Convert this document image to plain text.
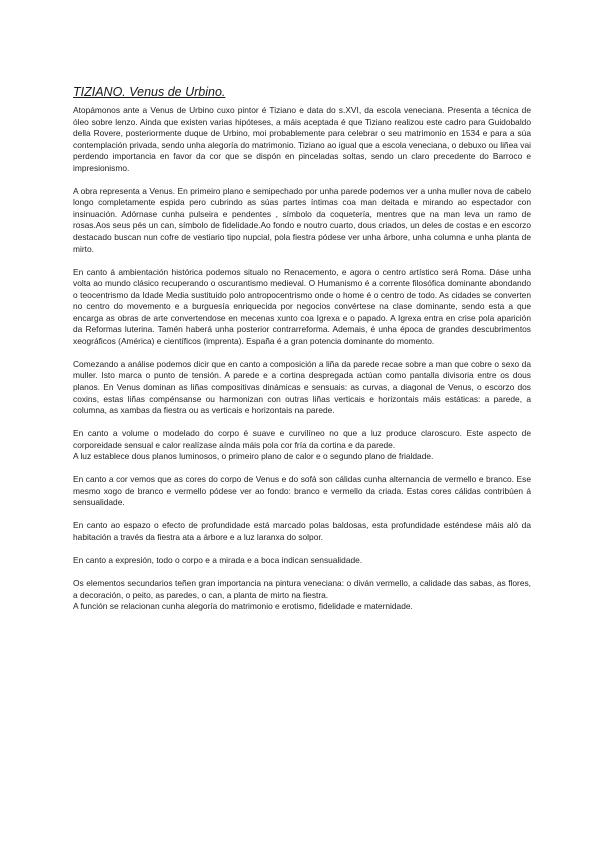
TIZIANO. Venus de Urbino.
Atopámonos ante a Venus de Urbino cuxo pintor é Tiziano e data do s.XVI, da escola veneciana. Presenta a técnica de óleo sobre lenzo. Ainda que existen varias hipóteses, a máis aceptada é que Tiziano realizou este cadro para Guidobaldo della Rovere, posteriormente duque de Urbino, moi probablemente para celebrar o seu matrimonio en 1534 e para a súa contemplación privada, sendo unha alegoría do matrimonio. Tiziano ao igual que a escola veneciana, o debuxo ou liñea vai perdendo importancia en favor da cor que se dispón en pinceladas soltas, sendo un claro precedente do Barroco e impresionismo.
A obra representa a Venus. En primeiro plano e semipechado por unha parede podemos ver a unha muller nova de cabelo longo completamente espida pero cubrindo as súas partes íntimas coa man deitada e mirando ao espectador con insinuación. Adórnase cunha pulseira e pendentes , símbolo da coquetería, mentres que na man leva un ramo de rosas.Aos seus pés un can, símbolo de fidelidade.Ao fondo e noutro cuarto, dous criados, un deles de costas e en escorzo destacado buscan nun cofre de vestiario tipo nupcial, pola fiestra pódese ver unha árbore, unha columna e unha planta de mirto.
En canto á ambientación histórica podemos situalo no Renacemento, e agora o centro artístico será Roma. Dáse unha volta ao mundo clásico recuperando o oscurantismo medieval. O Humanismo é a corrente filosófica dominante abondando o teocentrismo da Idade Media sustituido polo antropocentrismo onde o home é o centro de todo. As cidades se converten no centro do movemento e a burguesía enriquecida por negocios convértese na clase dominante, sendo esta a que encarga as obras de arte convertendose en mecenas xunto coa Igrexa e o papado. A Igrexa entra en crise pola aparición da Reformas luterina. Tamén haberá unha posterior contrarreforma. Ademais, é unha época de grandes descubrimentos xeográficos (América) e científicos (imprenta). España é a gran potencia dominante do momento.
Comezando a análise podemos dicir que en canto a composición a liña da parede recae sobre a man que cobre o sexo da muller. Isto marca o punto de tensión. A parede e a cortina despregada actúan como pantalla divisoria entre os dous planos. En Venus dominan as liñas compositivas dinámicas e sensuais: as curvas, a diagonal de Venus, o escorzo dos coxins, estas liñas compénsanse ou harmonizan con outras liñas verticais e horizontais máis estáticas: a parede, a columna, as xambas da fiestra ou as verticais e horizontais na parede.
En canto a volume o modelado do corpo é suave e curvilíneo no que a luz produce claroscuro. Este aspecto de corporeidade sensual e calor realízase aínda máis pola cor fría da cortina e da parede.
A luz establece dous planos luminosos, o primeiro plano de calor e o segundo plano de frialdade.
En canto a cor vemos que as cores do corpo de Venus e do sofá son cálidas cunha alternancia de vermello e branco. Ese mesmo xogo de branco e vermello pódese ver ao fondo: branco e vermello da criada. Estas cores cálidas contribúen á sensualidade.
En canto ao espazo o efecto de profundidade está marcado polas baldosas, esta profundidade esténdese máis aló da habitación a través da fiestra ata a árbore e a luz laranxa do solpor.
En canto a expresión, todo o corpo e a mirada e a boca indican sensualidade.
Os elementos secundarios teñen gran importancia na pintura veneciana: o diván vermello, a calidade das sabas, as flores, a decoración, o peito, as paredes, o can, a planta de mirto na fiestra.
A función se relacionan cunha alegoría do matrimonio e erotismo, fidelidade e maternidade.
